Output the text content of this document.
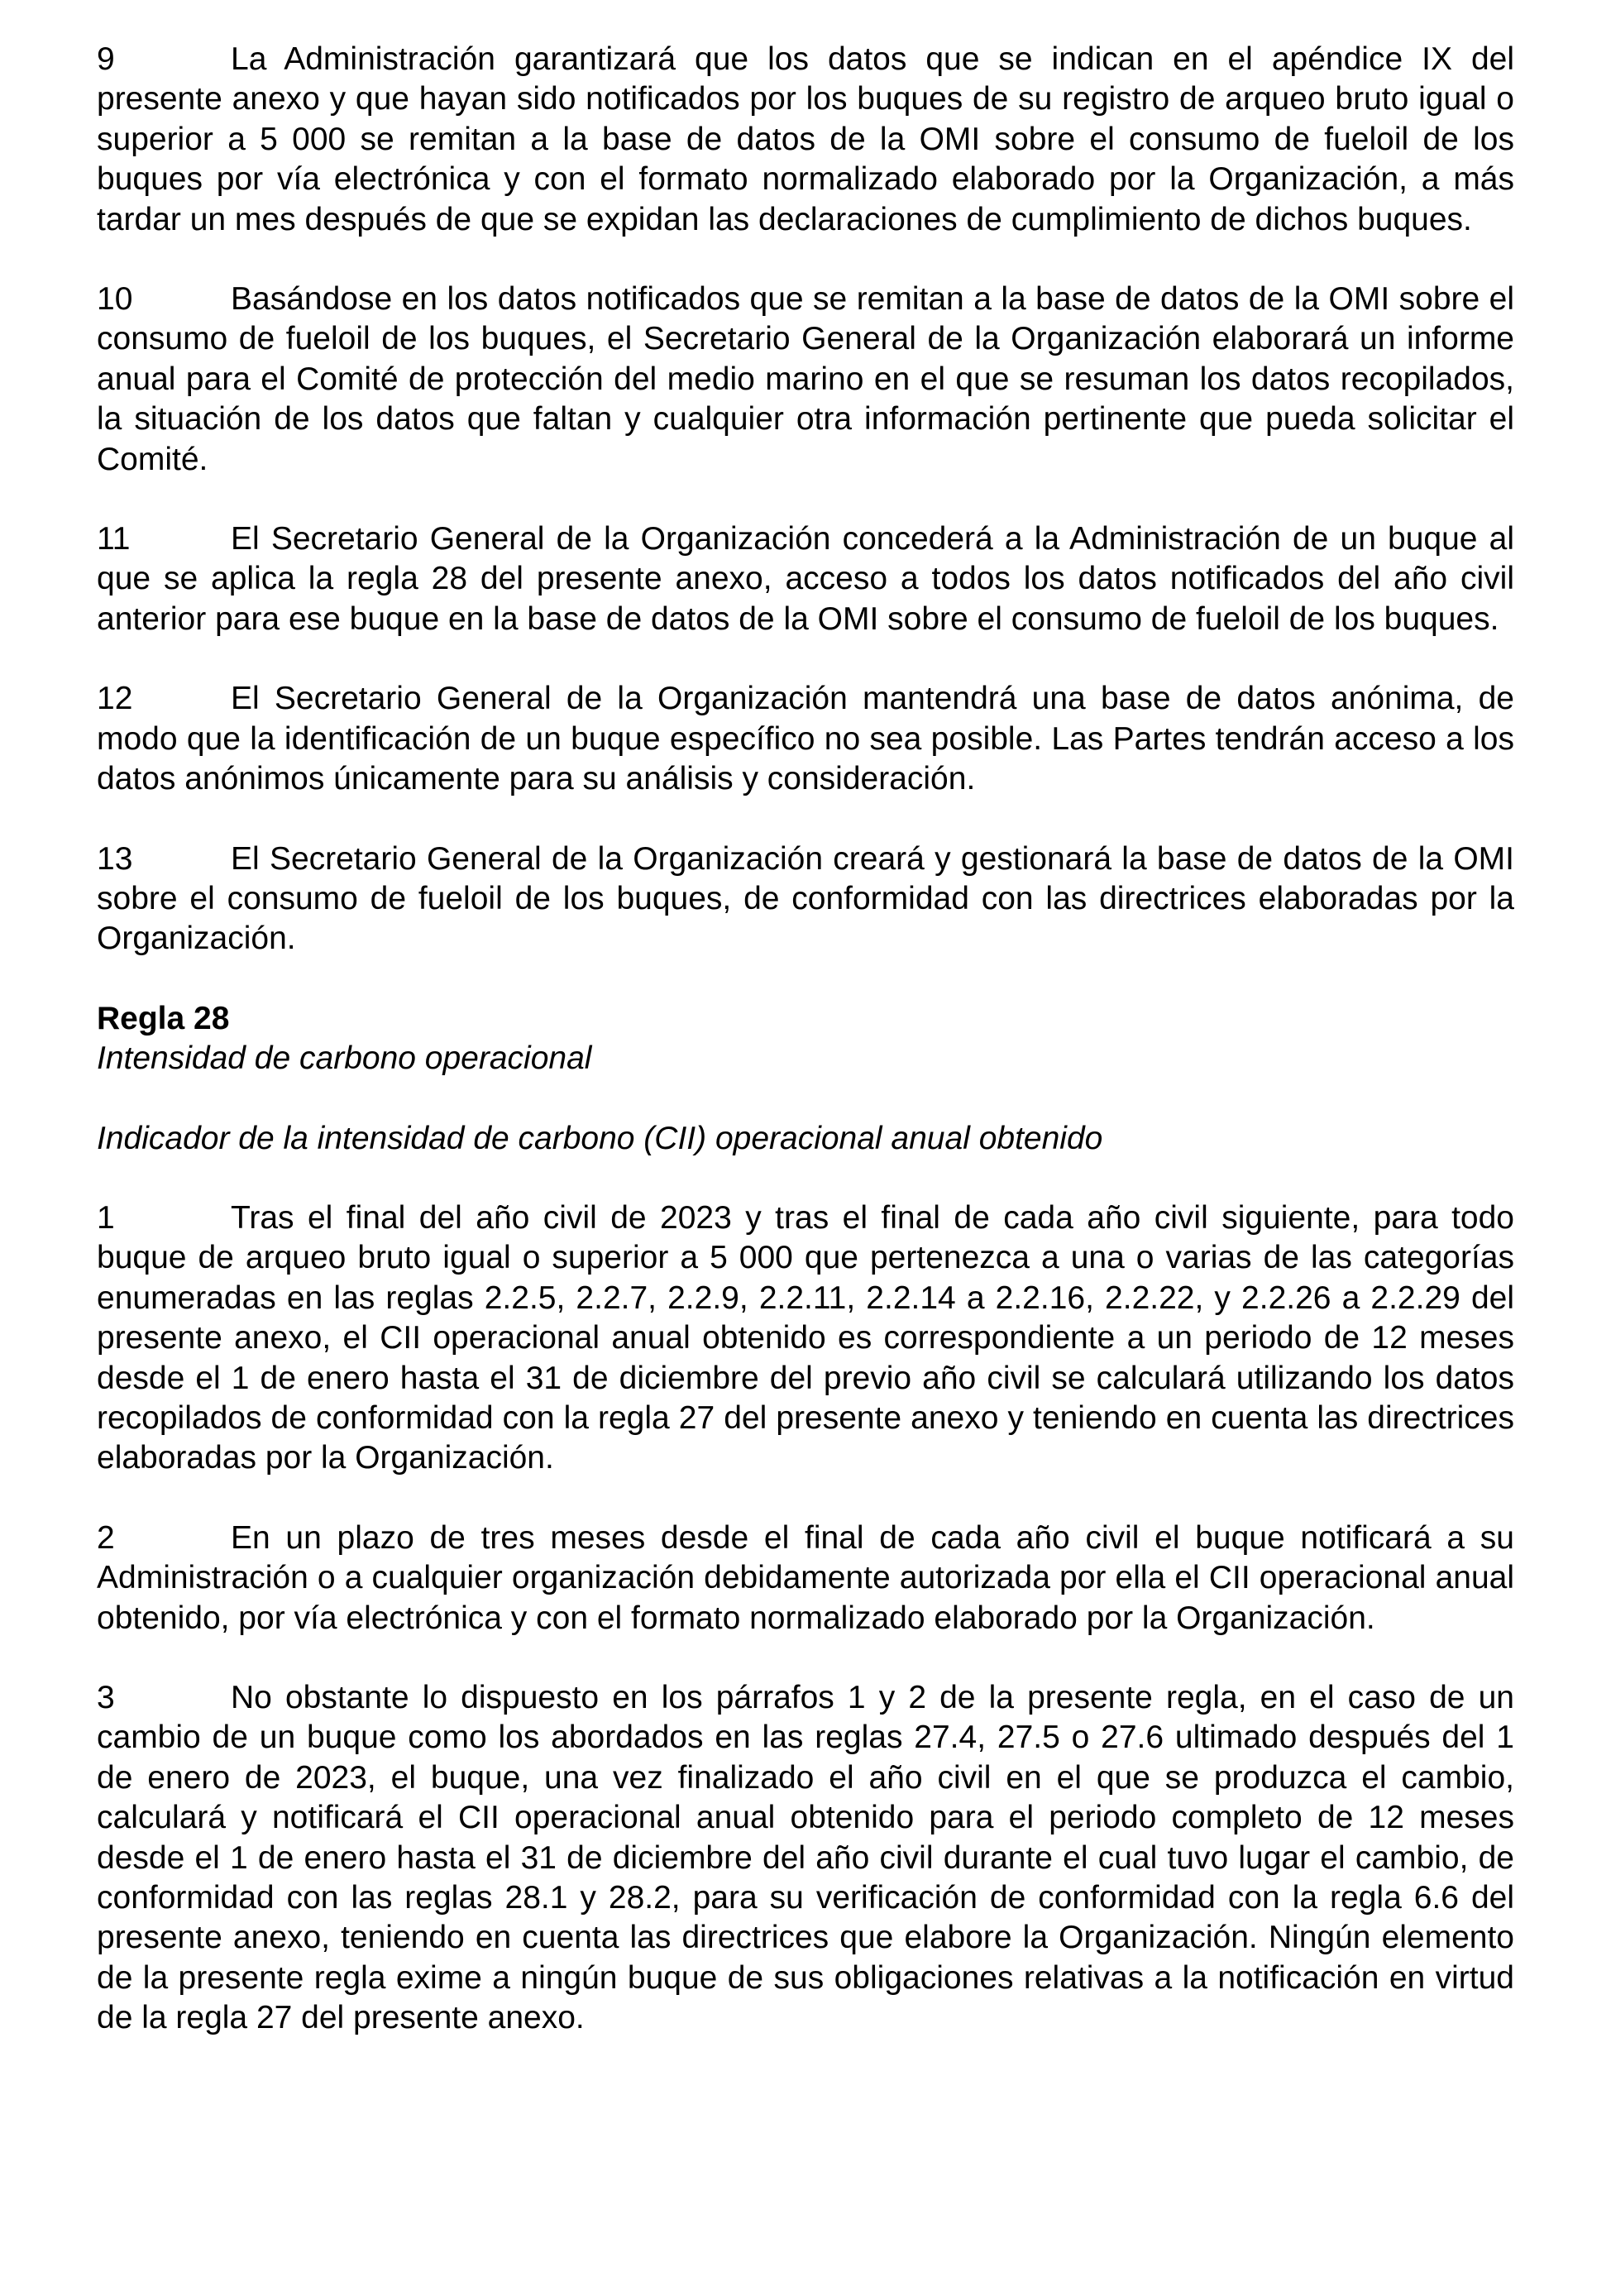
9	La Administración garantizará que los datos que se indican en el apéndice IX del presente anexo y que hayan sido notificados por los buques de su registro de arqueo bruto igual o superior a 5 000 se remitan a la base de datos de la OMI sobre el consumo de fueloil de los buques por vía electrónica y con el formato normalizado elaborado por la Organización, a más tardar un mes después de que se expidan las declaraciones de cumplimiento de dichos buques.

10	Basándose en los datos notificados que se remitan a la base de datos de la OMI sobre el consumo de fueloil de los buques, el Secretario General de la Organización elaborará un informe anual para el Comité de protección del medio marino en el que se resuman los datos recopilados, la situación de los datos que faltan y cualquier otra información pertinente que pueda solicitar el Comité.

11	El Secretario General de la Organización concederá a la Administración de un buque al que se aplica la regla 28 del presente anexo, acceso a todos los datos notificados del año civil anterior para ese buque en la base de datos de la OMI sobre el consumo de fueloil de los buques.

12	El Secretario General de la Organización mantendrá una base de datos anónima, de modo que la identificación de un buque específico no sea posible. Las Partes tendrán acceso a los datos anónimos únicamente para su análisis y consideración.

13	El Secretario General de la Organización creará y gestionará la base de datos de la OMI sobre el consumo de fueloil de los buques, de conformidad con las directrices elaboradas por la Organización.

Regla 28

Intensidad de carbono operacional

Indicador de la intensidad de carbono (CII) operacional anual obtenido

1	Tras el final del año civil de 2023 y tras el final de cada año civil siguiente, para todo buque de arqueo bruto igual o superior a 5 000 que pertenezca a una o varias de las categorías enumeradas en las reglas 2.2.5, 2.2.7, 2.2.9, 2.2.11, 2.2.14 a 2.2.16, 2.2.22, y 2.2.26 a 2.2.29 del presente anexo, el CII operacional anual obtenido es correspondiente a un periodo de 12 meses desde el 1 de enero hasta el 31 de diciembre del previo año civil se calculará utilizando los datos recopilados de conformidad con la regla 27 del presente anexo y teniendo en cuenta las directrices elaboradas por la Organización.

2	En un plazo de tres meses desde el final de cada año civil el buque notificará a su Administración o a cualquier organización debidamente autorizada por ella el CII operacional anual obtenido, por vía electrónica y con el formato normalizado elaborado por la Organización.

3	No obstante lo dispuesto en los párrafos 1 y 2 de la presente regla, en el caso de un cambio de un buque como los abordados en las reglas 27.4, 27.5 o 27.6 ultimado después del 1 de enero de 2023, el buque, una vez finalizado el año civil en el que se produzca el cambio, calculará y notificará el CII operacional anual obtenido para el periodo completo de 12 meses desde el 1 de enero hasta el 31 de diciembre del año civil durante el cual tuvo lugar el cambio, de conformidad con las reglas 28.1 y 28.2, para su verificación de conformidad con la regla 6.6 del presente anexo, teniendo en cuenta las directrices que elabore la Organización. Ningún elemento de la presente regla exime a ningún buque de sus obligaciones relativas a la notificación en virtud de la regla 27 del presente anexo.
